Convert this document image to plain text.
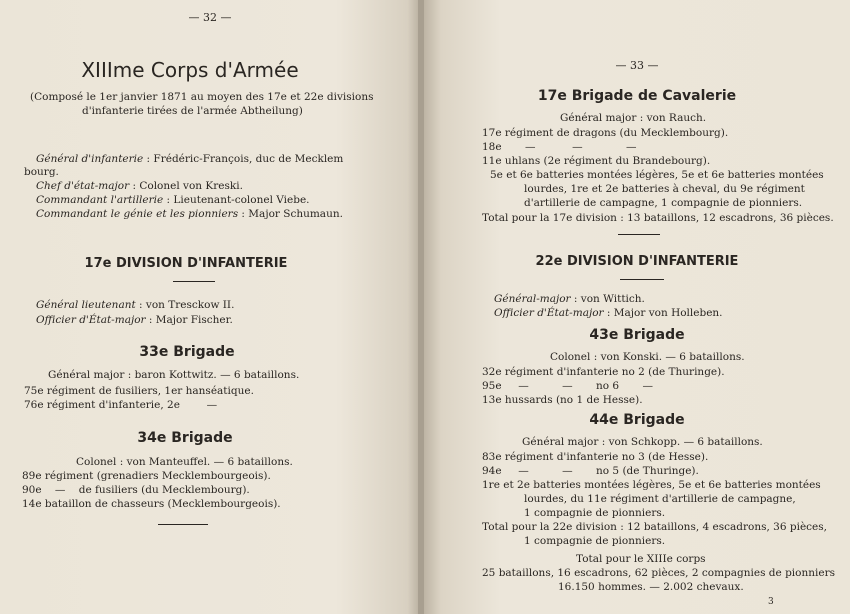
— 32 —
XIIIme Corps d'Armée
(Composé le 1er janvier 1871 au moyen des 17e et 22e divisions
d'infanterie tirées de l'armée Abtheilung)
Général d'infanterie : Frédéric-François, duc de Mecklem
bourg.
Chef d'état-major : Colonel von Kreski.
Commandant l'artillerie : Lieutenant-colonel Viebe.
Commandant le génie et les pionniers : Major Schumaun.
17e DIVISION D'INFANTERIE
Général lieutenant : von Tresckow II.
Officier d'État-major : Major Fischer.
33e Brigade
Général major : baron Kottwitz. — 6 bataillons.
75e régiment de fusiliers, 1er hanséatique.
76e régiment d'infanterie, 2e        —
34e Brigade
Colonel : von Manteuffel. — 6 bataillons.
89e régiment (grenadiers Mecklembourgeois).
90e    —    de fusiliers (du Mecklembourg).
14e bataillon de chasseurs (Mecklembourgeois).
— 33 —
17e Brigade de Cavalerie
Général major : von Rauch.
17e régiment de dragons (du Mecklembourg).
18e       —           —             —
11e uhlans (2e régiment du Brandebourg).
5e et 6e batteries montées légères, 5e et 6e batteries montées
lourdes, 1re et 2e batteries à cheval, du 9e régiment
d'artillerie de campagne, 1 compagnie de pionniers.
Total pour la 17e division : 13 bataillons, 12 escadrons, 36 pièces.
22e DIVISION D'INFANTERIE
Général-major : von Wittich.
Officier d'État-major : Major von Holleben.
43e Brigade
Colonel : von Konski. — 6 bataillons.
32e régiment d'infanterie no 2 (de Thuringe).
95e     —          —       no 6       —
13e hussards (no 1 de Hesse).
44e Brigade
Général major : von Schkopp. — 6 bataillons.
83e régiment d'infanterie no 3 (de Hesse).
94e     —          —       no 5 (de Thuringe).
1re et 2e batteries montées légères, 5e et 6e batteries montées
lourdes, du 11e régiment d'artillerie de campagne,
1 compagnie de pionniers.
Total pour la 22e division : 12 bataillons, 4 escadrons, 36 pièces,
1 compagnie de pionniers.
Total pour le XIIIe corps
25 bataillons, 16 escadrons, 62 pièces, 2 compagnies de pionniers
16.150 hommes. — 2.002 chevaux.
3
